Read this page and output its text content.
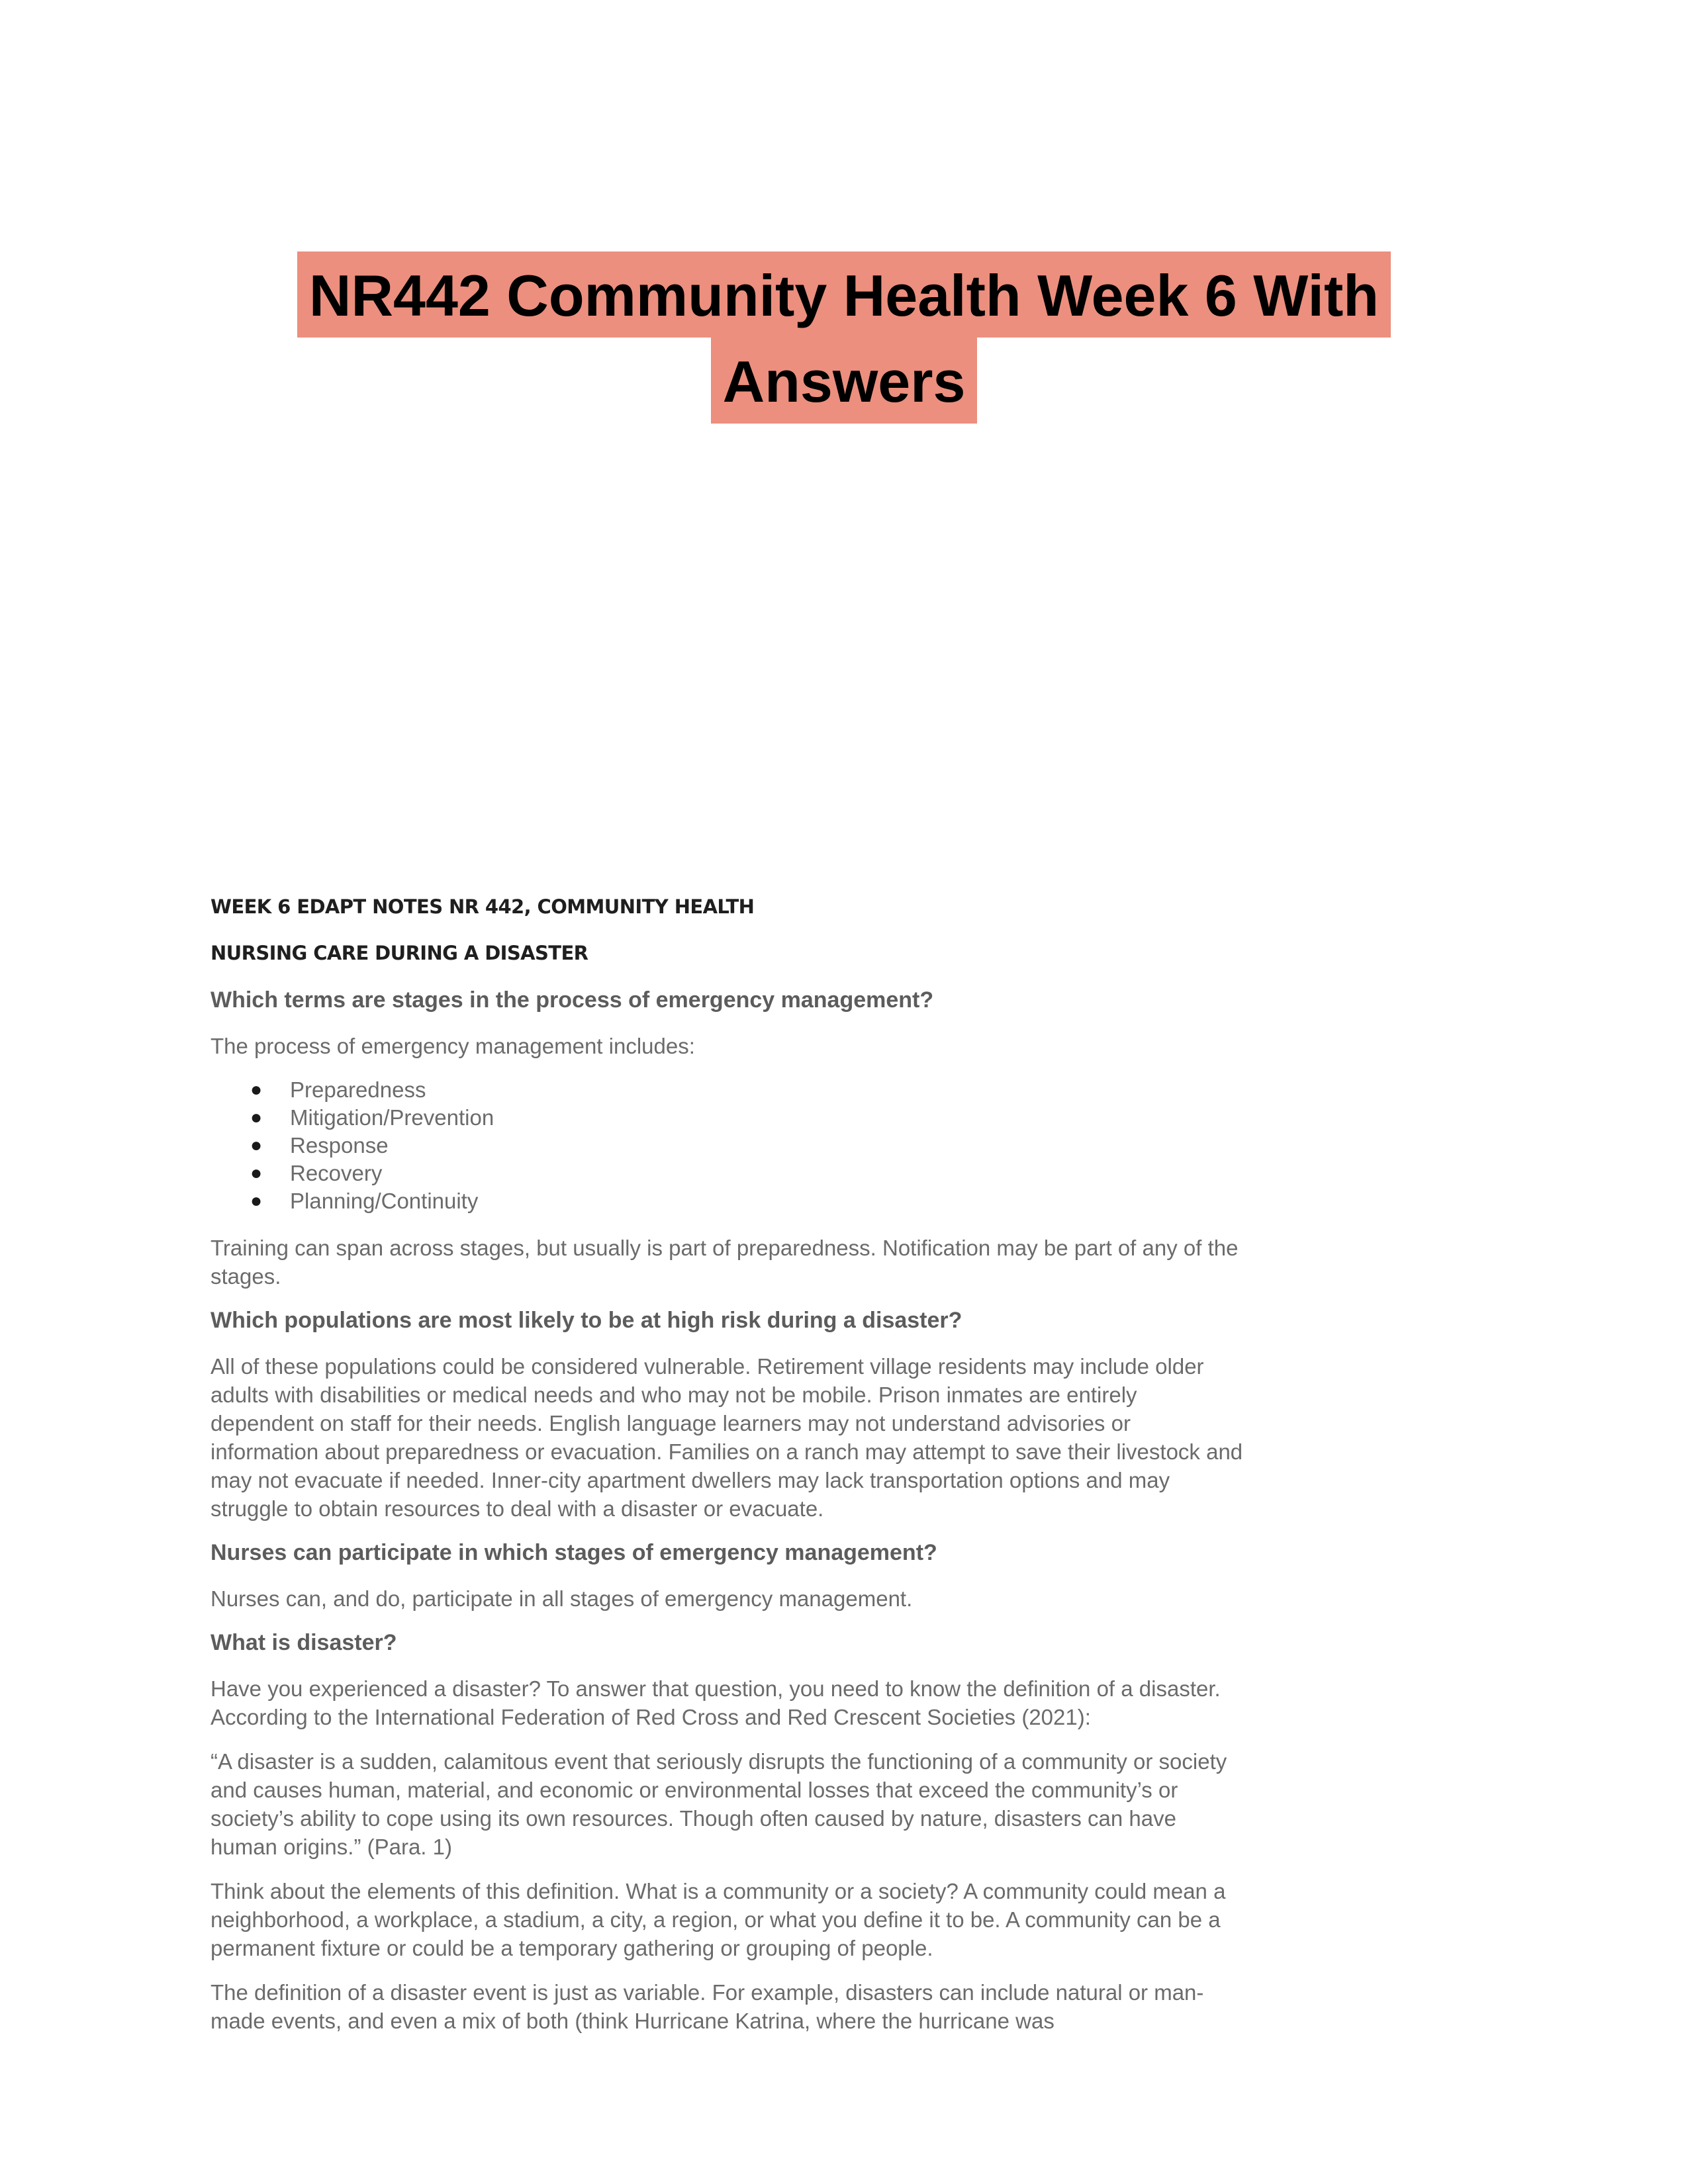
NR442 Community Health Week 6 With
Answers
WEEK 6 EDAPT NOTES NR 442, COMMUNITY HEALTH
NURSING CARE DURING A DISASTER
Which terms are stages in the process of emergency management?
The process of emergency management includes:
● Preparedness
● Mitigation/Prevention
● Response
● Recovery
● Planning/Continuity
Training can span across stages, but usually is part of preparedness. Notification may be part of any of the stages.
Which populations are most likely to be at high risk during a disaster?
All of these populations could be considered vulnerable. Retirement village residents may include older adults with disabilities or medical needs and who may not be mobile. Prison inmates are entirely dependent on staff for their needs. English language learners may not understand advisories or information about preparedness or evacuation. Families on a ranch may attempt to save their livestock and may not evacuate if needed. Inner-city apartment dwellers may lack transportation options and may struggle to obtain resources to deal with a disaster or evacuate.
Nurses can participate in which stages of emergency management?
Nurses can, and do, participate in all stages of emergency management.
What is disaster?
Have you experienced a disaster? To answer that question, you need to know the definition of a disaster. According to the International Federation of Red Cross and Red Crescent Societies (2021):
“A disaster is a sudden, calamitous event that seriously disrupts the functioning of a community or society and causes human, material, and economic or environmental losses that exceed the community’s or society’s ability to cope using its own resources. Though often caused by nature, disasters can have human origins.” (Para. 1)
Think about the elements of this definition. What is a community or a society? A community could mean a neighborhood, a workplace, a stadium, a city, a region, or what you define it to be. A community can be a permanent fixture or could be a temporary gathering or grouping of people.
The definition of a disaster event is just as variable. For example, disasters can include natural or man-made events, and even a mix of both (think Hurricane Katrina, where the hurricane was
